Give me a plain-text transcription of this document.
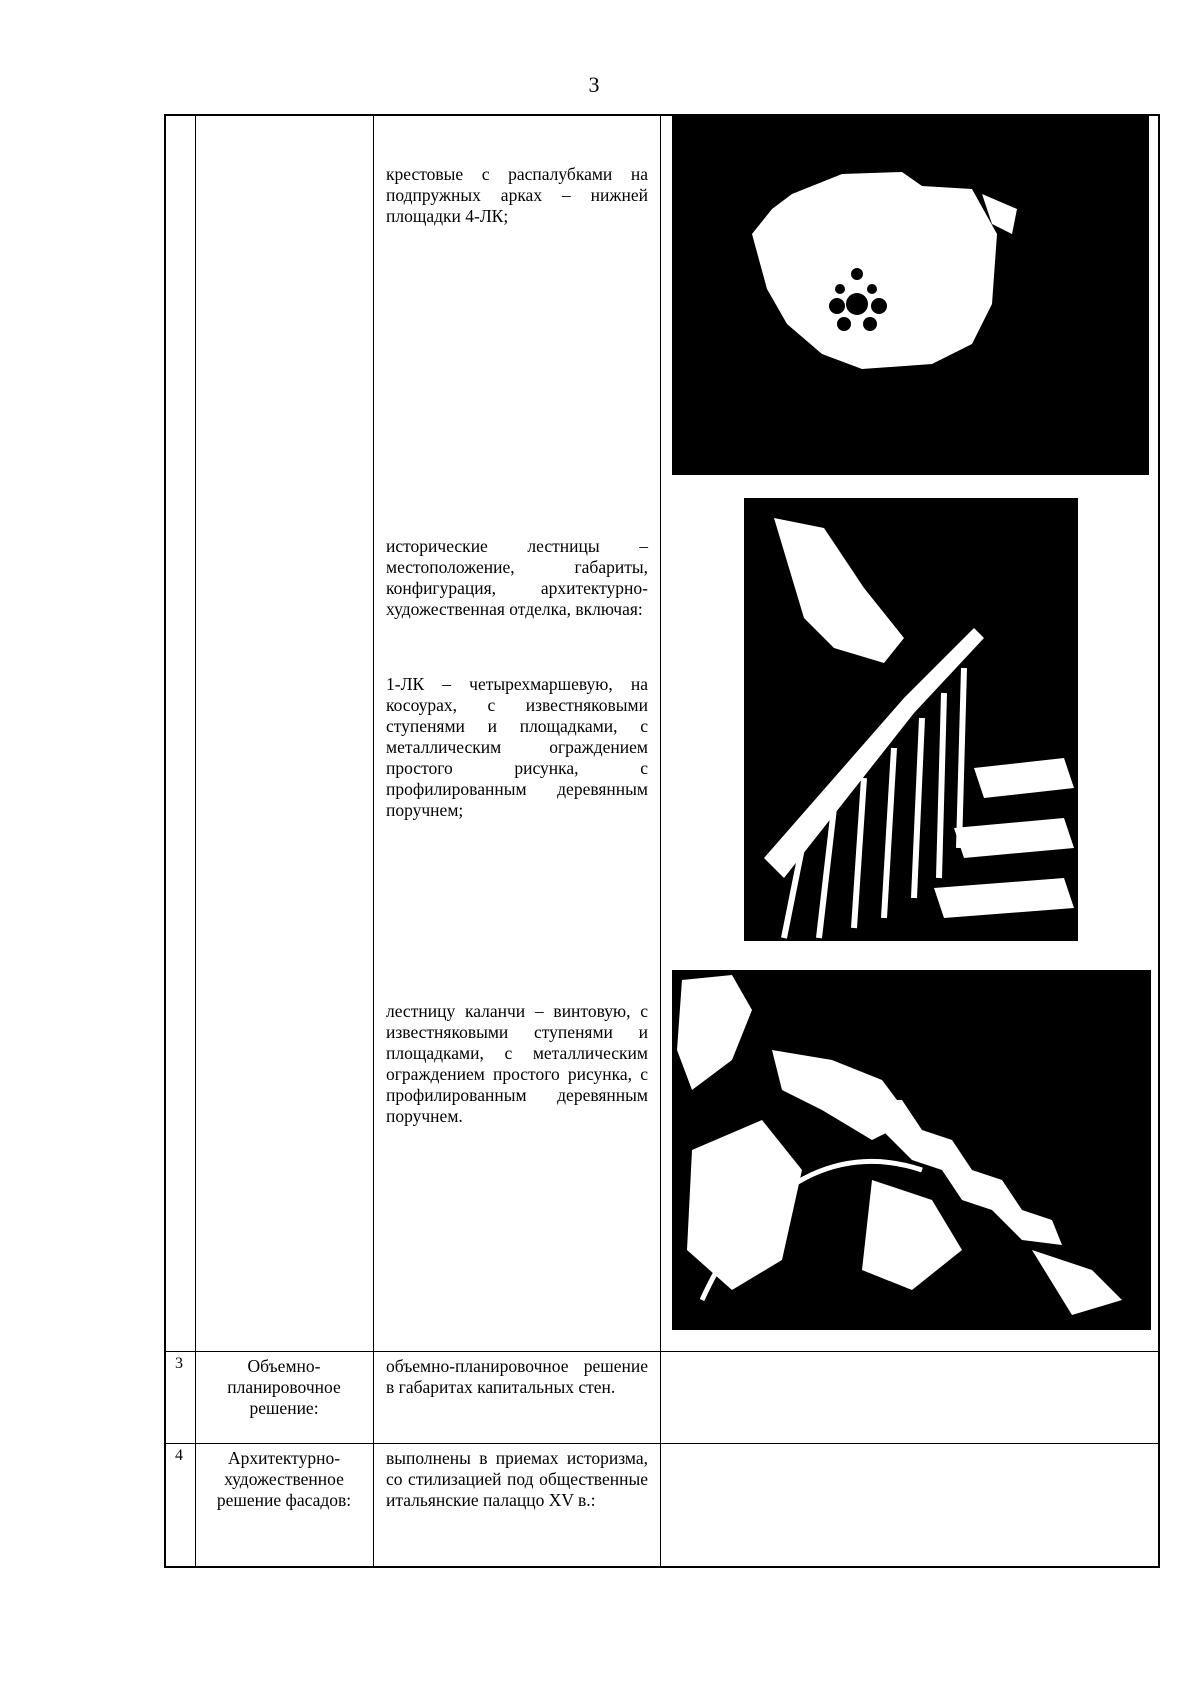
3

крестовые с распалубками на подпружных арках – нижней площадки 4-ЛК;

исторические лестницы – местоположение, габариты, конфигурация, архитектурно-художественная отделка, включая:

1-ЛК – четырехмаршевую, на косоурах, с известняковыми ступенями и площадками, с металлическим ограждением простого рисунка, с профилированным деревянным поручнем;

лестницу каланчи – винтовую, с известняковыми ступенями и площадками, с металлическим ограждением простого рисунка, с профилированным деревянным поручнем.

3	Объемно-планировочное решение:

объемно-планировочное решение в габаритах капитальных стен.

4	Архитектурно-художественное решение фасадов:

выполнены в приемах историзма, со стилизацией под общественные итальянские палаццо XV в.:
